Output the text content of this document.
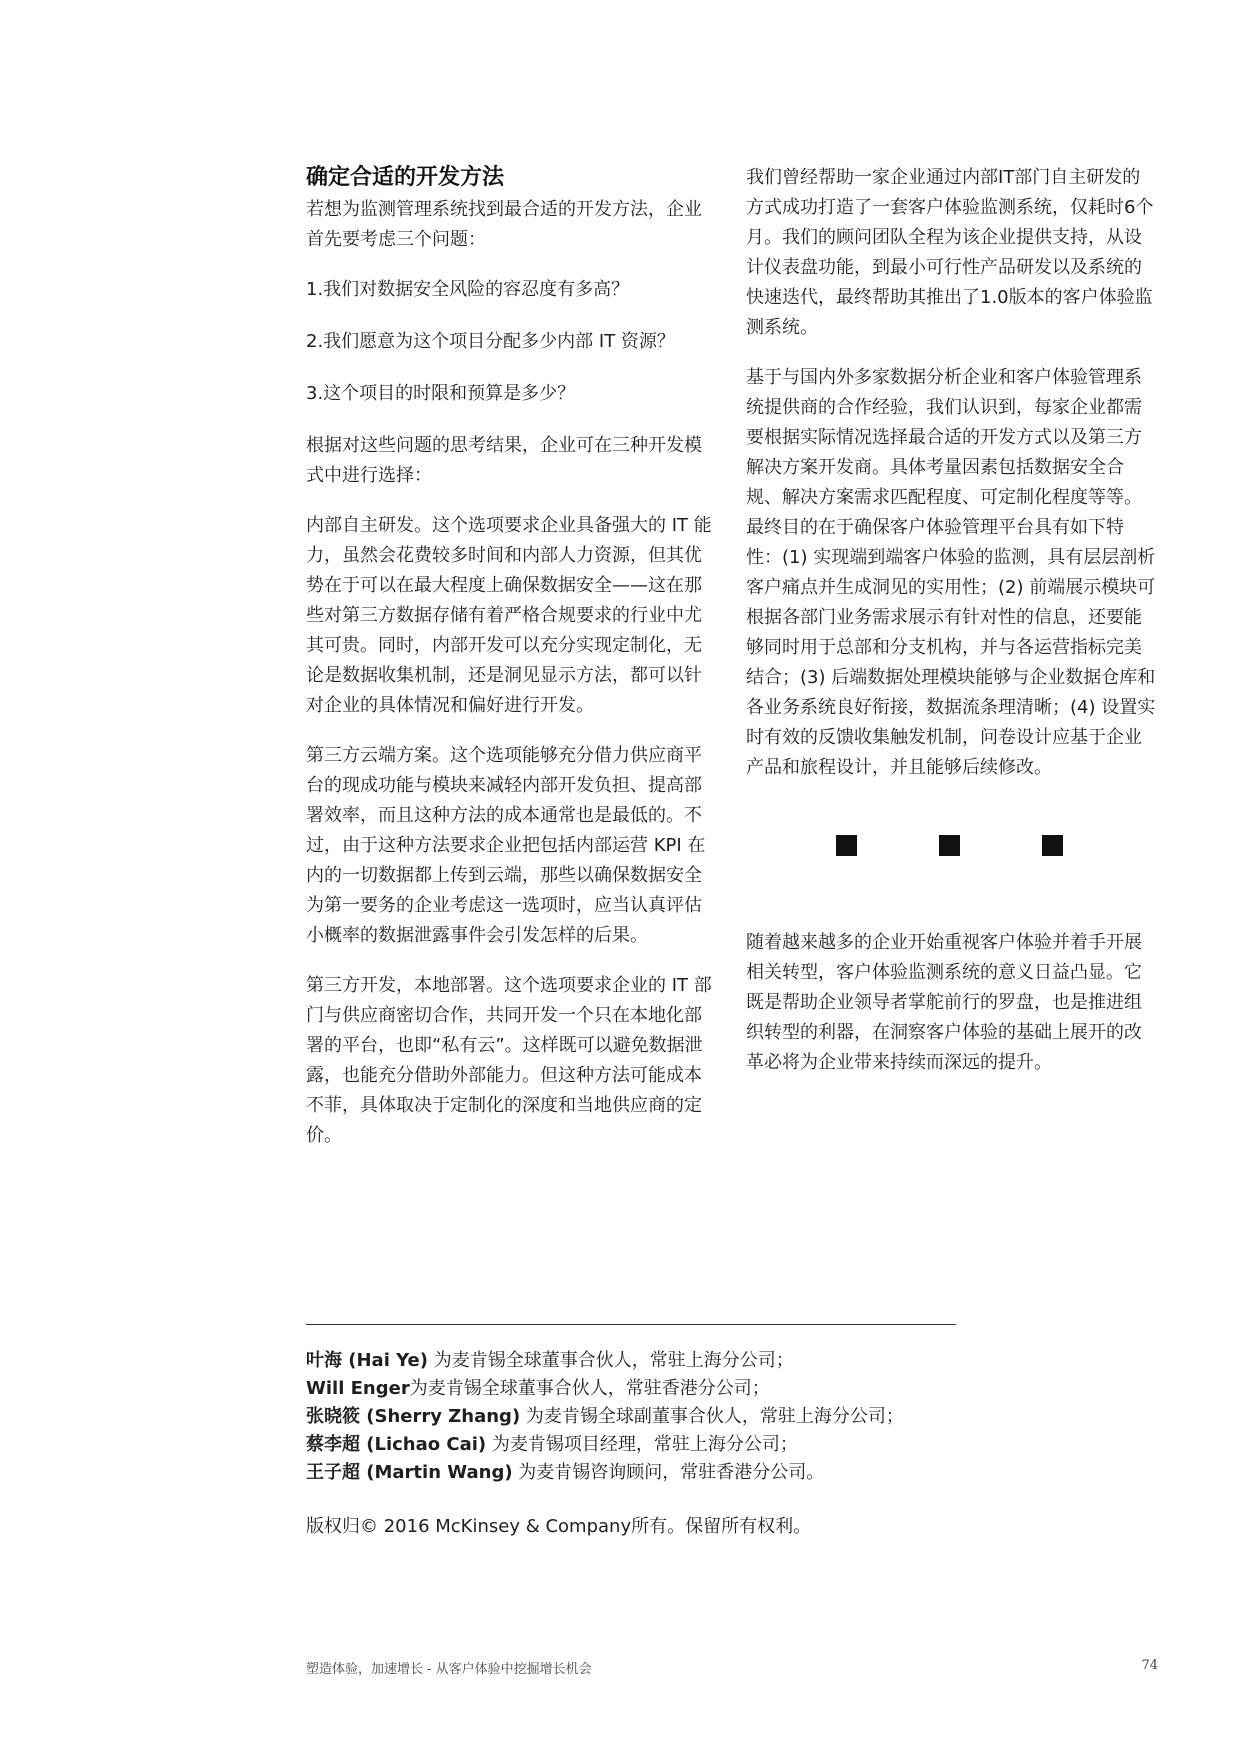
确定合适的开发方法

若想为监测管理系统找到最合适的开发方法，企业首先要考虑三个问题：

1.我们对数据安全风险的容忍度有多高？

2.我们愿意为这个项目分配多少内部 IT 资源？

3.这个项目的时限和预算是多少？

根据对这些问题的思考结果，企业可在三种开发模式中进行选择：

内部自主研发。这个选项要求企业具备强大的 IT 能力，虽然会花费较多时间和内部人力资源，但其优势在于可以在最大程度上确保数据安全——这在那些对第三方数据存储有着严格合规要求的行业中尤其可贵。同时，内部开发可以充分实现定制化，无论是数据收集机制，还是洞见显示方法，都可以针对企业的具体情况和偏好进行开发。

第三方云端方案。这个选项能够充分借力供应商平台的现成功能与模块来减轻内部开发负担、提高部署效率，而且这种方法的成本通常也是最低的。不过，由于这种方法要求企业把包括内部运营 KPI 在内的一切数据都上传到云端，那些以确保数据安全为第一要务的企业考虑这一选项时，应当认真评估小概率的数据泄露事件会引发怎样的后果。

第三方开发，本地部署。这个选项要求企业的 IT 部门与供应商密切合作，共同开发一个只在本地化部署的平台，也即“私有云”。这样既可以避免数据泄露，也能充分借助外部能力。但这种方法可能成本不菲，具体取决于定制化的深度和当地供应商的定价。

我们曾经帮助一家企业通过内部IT部门自主研发的方式成功打造了一套客户体验监测系统，仅耗时6个月。我们的顾问团队全程为该企业提供支持，从设计仪表盘功能，到最小可行性产品研发以及系统的快速迭代，最终帮助其推出了1.0版本的客户体验监测系统。

基于与国内外多家数据分析企业和客户体验管理系统提供商的合作经验，我们认识到，每家企业都需要根据实际情况选择最合适的开发方式以及第三方解决方案开发商。具体考量因素包括数据安全合规、解决方案需求匹配程度、可定制化程度等等。最终目的在于确保客户体验管理平台具有如下特性：(1) 实现端到端客户体验的监测，具有层层剖析客户痛点并生成洞见的实用性；(2) 前端展示模块可根据各部门业务需求展示有针对性的信息，还要能够同时用于总部和分支机构，并与各运营指标完美结合；(3) 后端数据处理模块能够与企业数据仓库和各业务系统良好衔接，数据流条理清晰；(4) 设置实时有效的反馈收集触发机制，问卷设计应基于企业产品和旅程设计，并且能够后续修改。

随着越来越多的企业开始重视客户体验并着手开展相关转型，客户体验监测系统的意义日益凸显。它既是帮助企业领导者掌舵前行的罗盘，也是推进组织转型的利器，在洞察客户体验的基础上展开的改革必将为企业带来持续而深远的提升。

叶海 (Hai Ye) 为麦肯锡全球董事合伙人，常驻上海分公司；

Will Enger为麦肯锡全球董事合伙人，常驻香港分公司；

张晓筱 (Sherry Zhang) 为麦肯锡全球副董事合伙人，常驻上海分公司；

蔡李超 (Lichao Cai) 为麦肯锡项目经理，常驻上海分公司；

王子超 (Martin Wang) 为麦肯锡咨询顾问，常驻香港分公司。

版权归© 2016 McKinsey & Company所有。保留所有权利。

塑造体验，加速增长 - 从客户体验中挖掘增长机会	74
